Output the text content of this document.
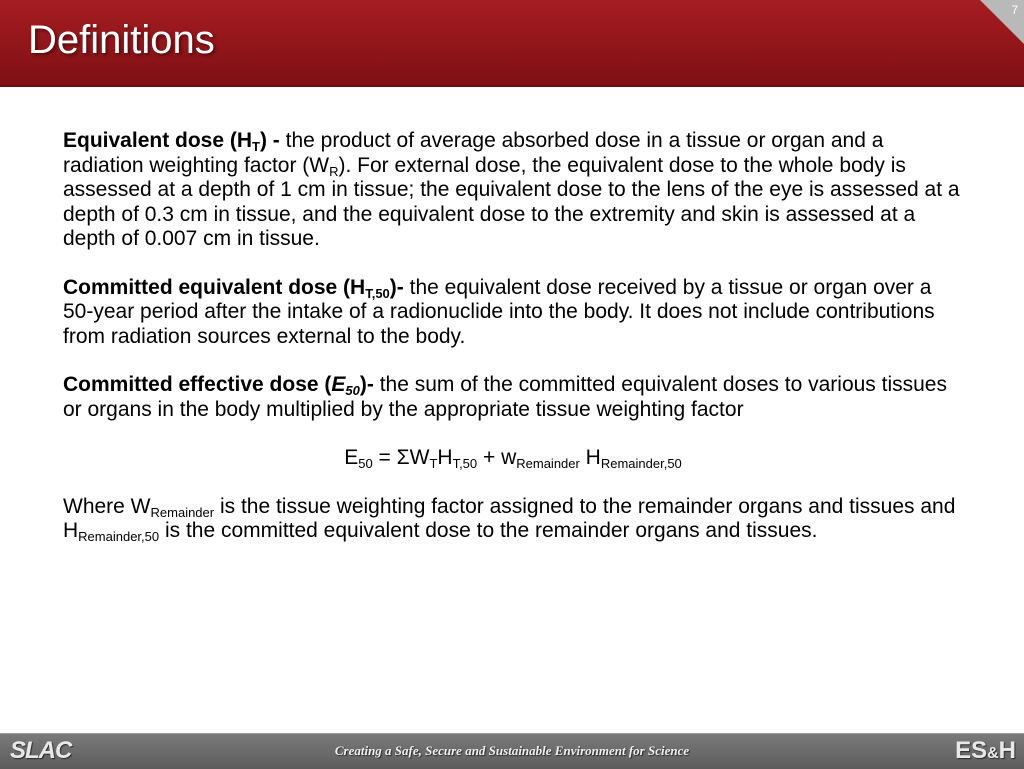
Definitions
7

Equivalent dose $(H_T)$ - the product of average absorbed dose in a tissue or organ and a radiation weighting factor $(W_R)$. For external dose, the equivalent dose to the whole body is assessed at a depth of 1 cm in tissue; the equivalent dose to the lens of the eye is assessed at a depth of 0.3 cm in tissue, and the equivalent dose to the extremity and skin is assessed at a depth of 0.007 cm in tissue.

Committed equivalent dose $(H_{T,50})-$ the equivalent dose received by a tissue or organ over a 50-year period after the intake of a radionuclide into the body. It does not include contributions from radiation sources external to the body.

Committed effective dose $(E_{50})-$ the sum of the committed equivalent doses to various tissues or organs in the body multiplied by the appropriate tissue weighting factor

$E_{50} = \Sigma W_TH_{T,50} + w_{Remainder}$ $H_{Remainder,50}$

Where $W_{Remainder}$ is the tissue weighting factor assigned to the remainder organs and tissues and $H_{Remainder,50}$ is the committed equivalent dose to the remainder organs and tissues.

SLAC	Creating a Safe, Secure and Sustainable Environment for Science	ES&H
